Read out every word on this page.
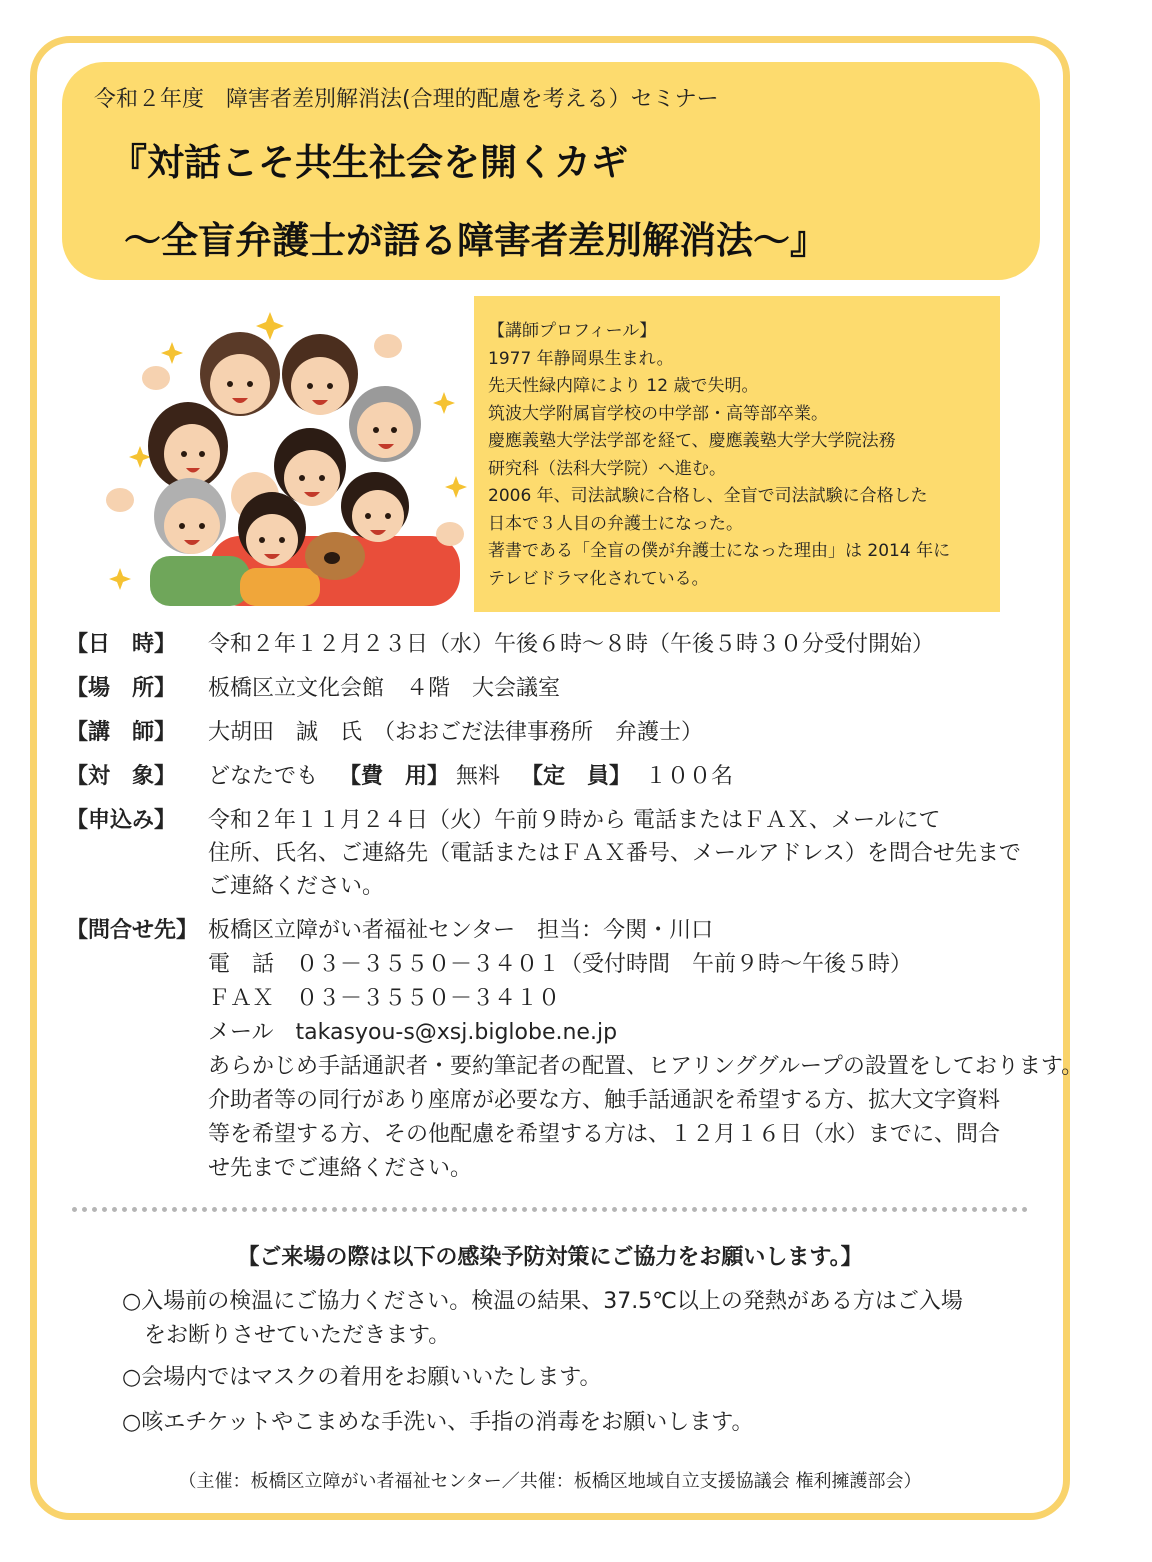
令和２年度　障害者差別解消法(合理的配慮を考える）セミナー
『対話こそ共生社会を開くカギ
～全盲弁護士が語る障害者差別解消法～』
【講師プロフィール】
1977 年静岡県生まれ。
先天性緑内障により 12 歳で失明。
筑波大学附属盲学校の中学部・高等部卒業。
慶應義塾大学法学部を経て、慶應義塾大学大学院法務
研究科（法科大学院）へ進む。
2006 年、司法試験に合格し、全盲で司法試験に合格した
日本で３人目の弁護士になった。
著書である「全盲の僕が弁護士になった理由」は 2014 年に
テレビドラマ化されている。
【日　時】 令和２年１２月２３日（水）午後６時～８時（午後５時３０分受付開始）
【場　所】 板橋区立文化会館　４階　大会議室
【講　師】 大胡田　誠　氏　（おおごだ法律事務所　弁護士）
【対　象】 どなたでも 【費　用】 無料 【定　員】 １００名
【申込み】 令和２年１１月２４日（火）午前９時から 電話またはＦＡＸ、メールにて
住所、氏名、ご連絡先（電話またはＦＡＸ番号、メールアドレス）を問合せ先まで
ご連絡ください。
【問合せ先】 板橋区立障がい者福祉センター　担当：今関・川口
電　話　０３－３５５０－３４０１（受付時間　午前９時～午後５時）
ＦＡＸ　０３－３５５０－３４１０
メール　takasyou-s@xsj.biglobe.ne.jp
あらかじめ手話通訳者・要約筆記者の配置、ヒアリンググループの設置をしております。
介助者等の同行があり座席が必要な方、触手話通訳を希望する方、拡大文字資料
等を希望する方、その他配慮を希望する方は、１２月１６日（水）までに、問合
せ先までご連絡ください。
【ご来場の際は以下の感染予防対策にご協力をお願いします。】
○入場前の検温にご協力ください。検温の結果、37.5℃以上の発熱がある方はご入場
　をお断りさせていただきます。
○会場内ではマスクの着用をお願いいたします。
○咳エチケットやこまめな手洗い、手指の消毒をお願いします。
（主催：板橋区立障がい者福祉センター／共催：板橋区地域自立支援協議会 権利擁護部会）
